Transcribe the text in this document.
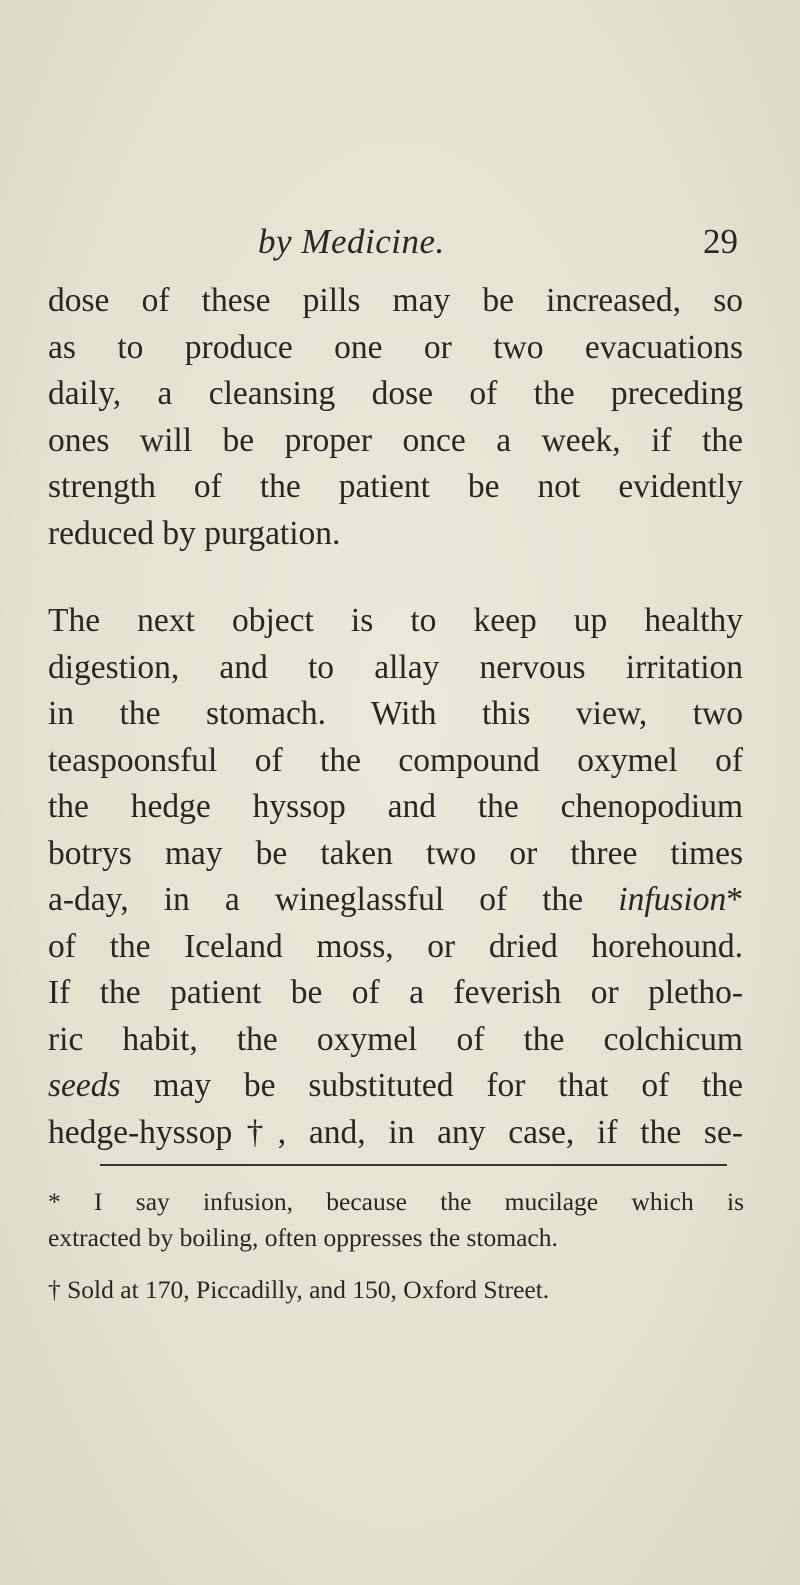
by Medicine.	29
dose of these pills may be increased, so
as to produce one or two evacuations
daily, a cleansing dose of the preceding
ones will be proper once a week, if the
strength of the patient be not evidently
reduced by purgation.
The next object is to keep up healthy
digestion, and to allay nervous irritation
in the stomach. With this view, two
teaspoonsful of the compound oxymel of
the hedge hyssop and the chenopodium
botrys may be taken two or three times
a-day, in a wineglassful of the infusion*
of the Iceland moss, or dried horehound.
If the patient be of a feverish or pletho-
ric habit, the oxymel of the colchicum
seeds may be substituted for that of the
hedge-hyssop†, and, in any case, if the se-
* I say infusion, because the mucilage which is
extracted by boiling, often oppresses the stomach.
† Sold at 170, Piccadilly, and 150, Oxford Street.
